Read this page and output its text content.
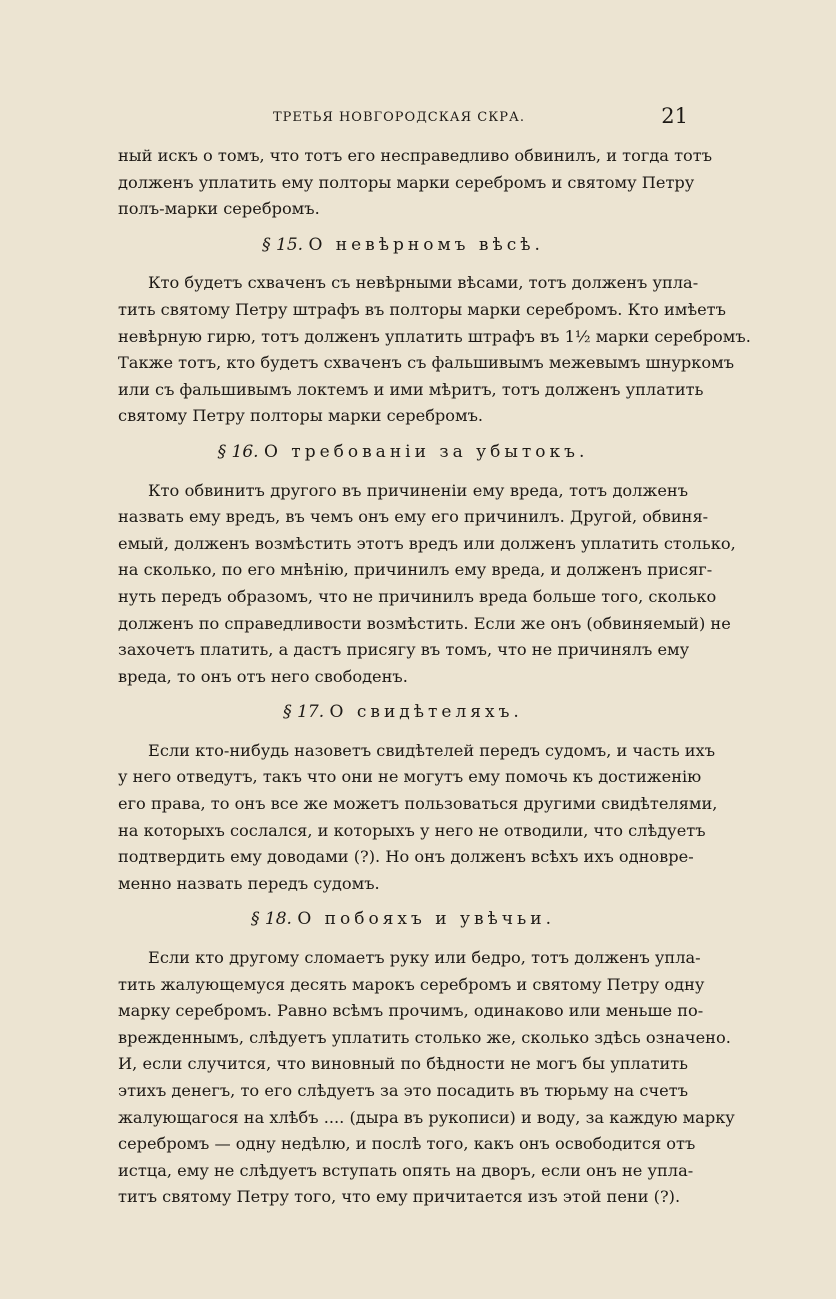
ТРЕТЬЯ НОВГОРОДСКАЯ СКРА.	21
ный искъ о томъ, что тотъ его несправедливо обвинилъ, и тогда тотъ
долженъ уплатить ему полторы марки серебромъ и святому Петру
полъ-марки серебромъ.
§ 15. О невѣрномъ вѣсѣ.
Кто будетъ схваченъ съ невѣрными вѣсами, тотъ долженъ упла-
тить святому Петру штрафъ въ полторы марки серебромъ. Кто имѣетъ
невѣрную гирю, тотъ долженъ уплатить штрафъ въ 1½ марки серебромъ.
Также тотъ, кто будетъ схваченъ съ фальшивымъ межевымъ шнуркомъ
или съ фальшивымъ локтемъ и ими мѣритъ, тотъ долженъ уплатить
святому Петру полторы марки серебромъ.
§ 16. О требованіи за убытокъ.
Кто обвинитъ другого въ причиненіи ему вреда, тотъ долженъ
назвать ему вредъ, въ чемъ онъ ему его причинилъ. Другой, обвиня-
емый, долженъ возмѣстить этотъ вредъ или долженъ уплатить столько,
на сколько, по его мнѣнію, причинилъ ему вреда, и долженъ присяг-
нуть передъ образомъ, что не причинилъ вреда больше того, сколько
долженъ по справедливости возмѣстить. Если же онъ (обвиняемый) не
захочетъ платить, а дастъ присягу въ томъ, что не причинялъ ему
вреда, то онъ отъ него свободенъ.
§ 17. О свидѣтеляхъ.
Если кто-нибудь назоветъ свидѣтелей передъ судомъ, и часть ихъ
у него отведутъ, такъ что они не могутъ ему помочь къ достиженію
его права, то онъ все же можетъ пользоваться другими свидѣтелями,
на которыхъ сослался, и которыхъ у него не отводили, что слѣдуетъ
подтвердить ему доводами (?). Но онъ долженъ всѣхъ ихъ одновре-
менно назвать передъ судомъ.
§ 18. О побояхъ и увѣчьи.
Если кто другому сломаетъ руку или бедро, тотъ долженъ упла-
тить жалующемуся десять марокъ серебромъ и святому Петру одну
марку серебромъ. Равно всѣмъ прочимъ, одинаково или меньше по-
врежденнымъ, слѣдуетъ уплатить столько же, сколько здѣсь означено.
И, если случится, что виновный по бѣдности не могъ бы уплатить
этихъ денегъ, то его слѣдуетъ за это посадить въ тюрьму на счетъ
жалующагося на хлѣбъ .... (дыра въ рукописи) и воду, за каждую марку
серебромъ — одну недѣлю, и послѣ того, какъ онъ освободится отъ
истца, ему не слѣдуетъ вступать опять на дворъ, если онъ не упла-
титъ святому Петру того, что ему причитается изъ этой пени (?).
